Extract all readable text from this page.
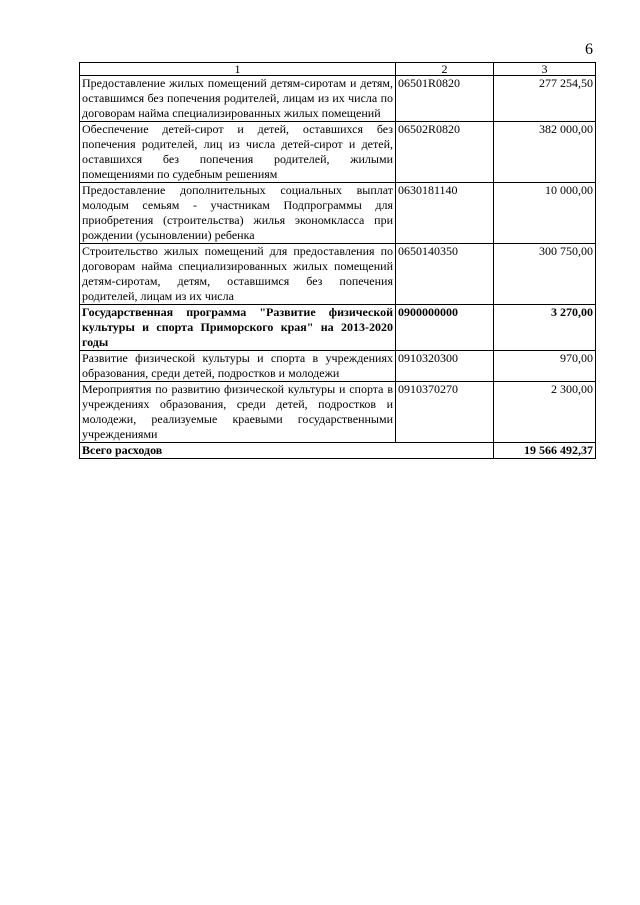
6
1	2	3
Предоставление жилых помещений детям-сиротам и детям, оставшимся без попечения родителей, лицам из их числа по договорам найма специализированных жилых помещений	06501R0820	277 254,50
Обеспечение детей-сирот и детей, оставшихся без попечения родителей, лиц из числа детей-сирот и детей, оставшихся без попечения родителей, жилыми помещениями по судебным решениям	06502R0820	382 000,00
Предоставление дополнительных социальных выплат молодым семьям - участникам Подпрограммы для приобретения (строительства) жилья экономкласса при рождении (усыновлении) ребенка	0630181140	10 000,00
Строительство жилых помещений для предоставления по договорам найма специализированных жилых помещений детям-сиротам, детям, оставшимся без попечения родителей, лицам из их числа	0650140350	300 750,00
Государственная программа "Развитие физической культуры и спорта Приморского края" на 2013-2020 годы	0900000000	3 270,00
Развитие физической культуры и спорта в учреждениях образования, среди детей, подростков и молодежи	0910320300	970,00
Мероприятия по развитию физической культуры и спорта в учреждениях образования, среди детей, подростков и молодежи, реализуемые краевыми государственными учреждениями	0910370270	2 300,00
Всего расходов		19 566 492,37
